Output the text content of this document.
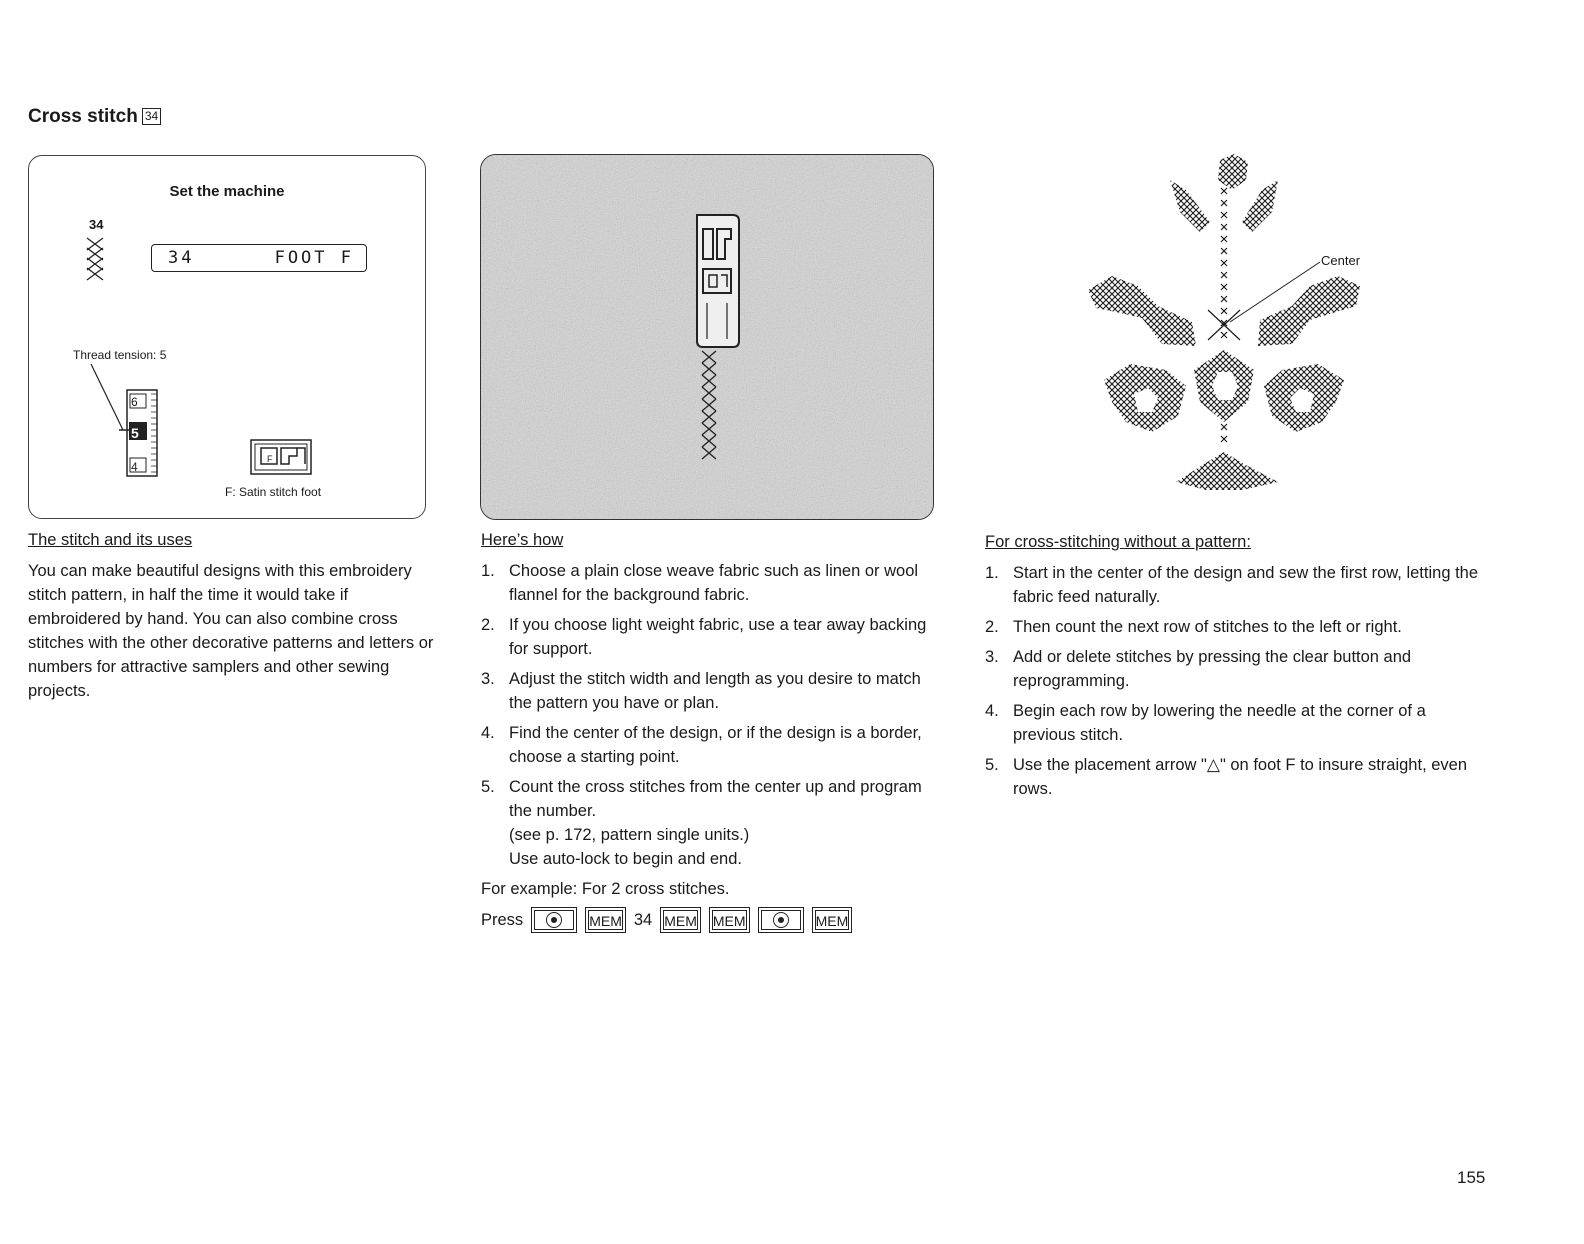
Cross stitch 34
Set the machine
34
34	FOOT F
Thread tension: 5
6
5
4
F
F: Satin stitch foot
Center
The stitch and its uses

You can make beautiful designs with this embroidery stitch pattern, in half the time it would take if embroidered by hand. You can also combine cross stitches with the other decorative patterns and letters or numbers for attractive samplers and other sewing projects.

Here’s how
1. Choose a plain close weave fabric such as linen or wool flannel for the background fabric.
2. If you choose light weight fabric, use a tear away backing for support.
3. Adjust the stitch width and length as you desire to match the pattern you have or plan.
4. Find the center of the design, or if the design is a border, choose a starting point.
5. Count the cross stitches from the center up and program the number.
(see p. 172, pattern single units.)
Use auto-lock to begin and end.
For example: For 2 cross stitches.
Press	MEM 34 MEM MEM	MEM
For cross-stitching without a pattern:
1. Start in the center of the design and sew the first row, letting the fabric feed naturally.
2. Then count the next row of stitches to the left or right.
3. Add or delete stitches by pressing the clear button and reprogramming.
4. Begin each row by lowering the needle at the corner of a previous stitch.
5. Use the placement arrow "△" on foot F to insure straight, even rows.
155
